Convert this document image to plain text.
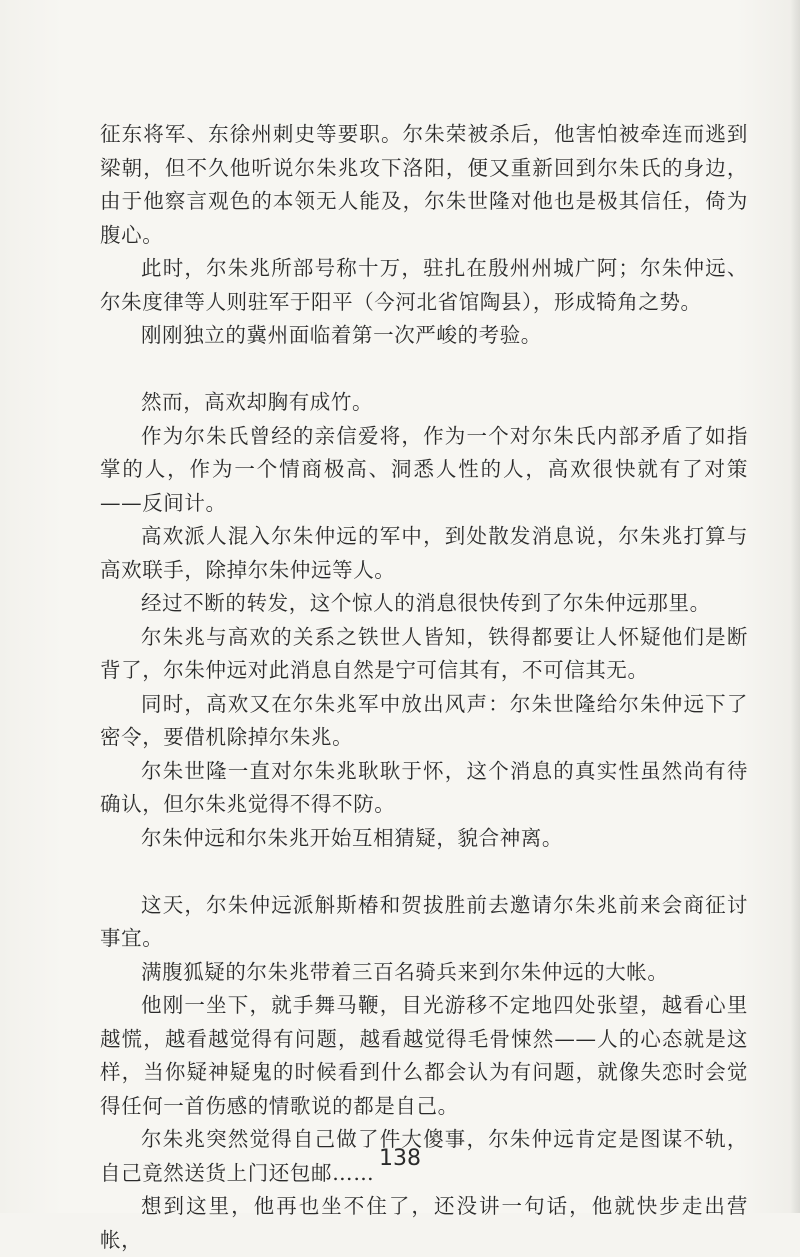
征东将军、东徐州刺史等要职。尔朱荣被杀后，他害怕被牵连而逃到梁朝，但不久他听说尔朱兆攻下洛阳，便又重新回到尔朱氏的身边，由于他察言观色的本领无人能及，尔朱世隆对他也是极其信任，倚为腹心。

此时，尔朱兆所部号称十万，驻扎在殷州州城广阿；尔朱仲远、尔朱度律等人则驻军于阳平（今河北省馆陶县），形成犄角之势。

刚刚独立的冀州面临着第一次严峻的考验。

然而，高欢却胸有成竹。

作为尔朱氏曾经的亲信爱将，作为一个对尔朱氏内部矛盾了如指掌的人，作为一个情商极高、洞悉人性的人，高欢很快就有了对策——反间计。

高欢派人混入尔朱仲远的军中，到处散发消息说，尔朱兆打算与高欢联手，除掉尔朱仲远等人。

经过不断的转发，这个惊人的消息很快传到了尔朱仲远那里。

尔朱兆与高欢的关系之铁世人皆知，铁得都要让人怀疑他们是断背了，尔朱仲远对此消息自然是宁可信其有，不可信其无。

同时，高欢又在尔朱兆军中放出风声：尔朱世隆给尔朱仲远下了密令，要借机除掉尔朱兆。

尔朱世隆一直对尔朱兆耿耿于怀，这个消息的真实性虽然尚有待确认，但尔朱兆觉得不得不防。

尔朱仲远和尔朱兆开始互相猜疑，貌合神离。

这天，尔朱仲远派斛斯椿和贺拔胜前去邀请尔朱兆前来会商征讨事宜。

满腹狐疑的尔朱兆带着三百名骑兵来到尔朱仲远的大帐。

他刚一坐下，就手舞马鞭，目光游移不定地四处张望，越看心里越慌，越看越觉得有问题，越看越觉得毛骨悚然——人的心态就是这样，当你疑神疑鬼的时候看到什么都会认为有问题，就像失恋时会觉得任何一首伤感的情歌说的都是自己。

尔朱兆突然觉得自己做了件大傻事，尔朱仲远肯定是图谋不轨，自己竟然送货上门还包邮……

想到这里，他再也坐不住了，还没讲一句话，他就快步走出营帐，

138
